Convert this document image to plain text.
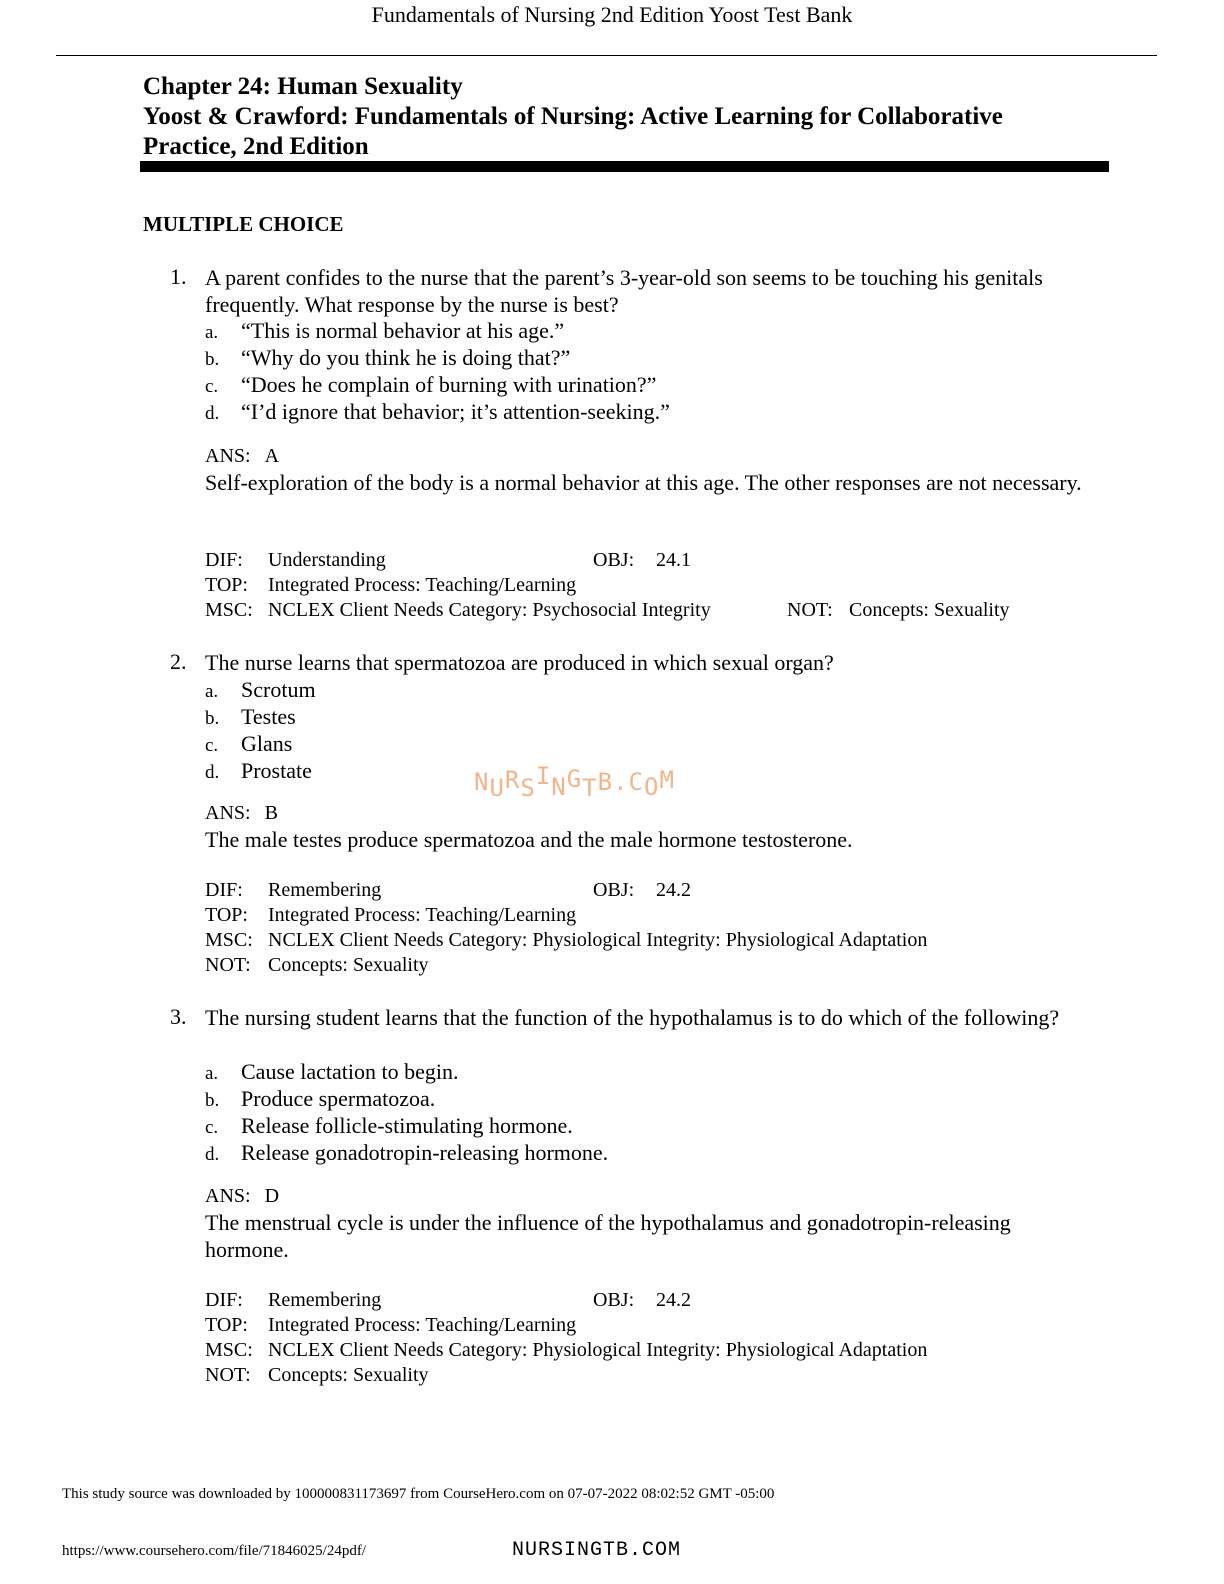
Fundamentals of Nursing 2nd Edition Yoost Test Bank
Chapter 24: Human Sexuality
Yoost & Crawford: Fundamentals of Nursing: Active Learning for Collaborative
Practice, 2nd Edition
MULTIPLE CHOICE
1. A parent confides to the nurse that the parent’s 3-year-old son seems to be touching his genitals frequently. What response by the nurse is best?
a. “This is normal behavior at his age.”
b. “Why do you think he is doing that?”
c. “Does he complain of burning with urination?”
d. “I’d ignore that behavior; it’s attention-seeking.”
ANS: A
Self-exploration of the body is a normal behavior at this age. The other responses are not necessary.
DIF: Understanding	OBJ: 24.1
TOP: Integrated Process: Teaching/Learning
MSC: NCLEX Client Needs Category: Psychosocial Integrity	NOT: Concepts: Sexuality
2. The nurse learns that spermatozoa are produced in which sexual organ?
a. Scrotum
b. Testes
c. Glans
d. Prostate
ANS: B
The male testes produce spermatozoa and the male hormone testosterone.
DIF: Remembering	OBJ: 24.2
TOP: Integrated Process: Teaching/Learning
MSC: NCLEX Client Needs Category: Physiological Integrity: Physiological Adaptation
NOT: Concepts: Sexuality
3. The nursing student learns that the function of the hypothalamus is to do which of the following?
a. Cause lactation to begin.
b. Produce spermatozoa.
c. Release follicle-stimulating hormone.
d. Release gonadotropin-releasing hormone.
ANS: D
The menstrual cycle is under the influence of the hypothalamus and gonadotropin-releasing hormone.
DIF: Remembering	OBJ: 24.2
TOP: Integrated Process: Teaching/Learning
MSC: NCLEX Client Needs Category: Physiological Integrity: Physiological Adaptation
NOT: Concepts: Sexuality
NURSINGTB.COM
This study source was downloaded by 100000831173697 from CourseHero.com on 07-07-2022 08:02:52 GMT -05:00
https://www.coursehero.com/file/71846025/24pdf/	NURSINGTB.COM
